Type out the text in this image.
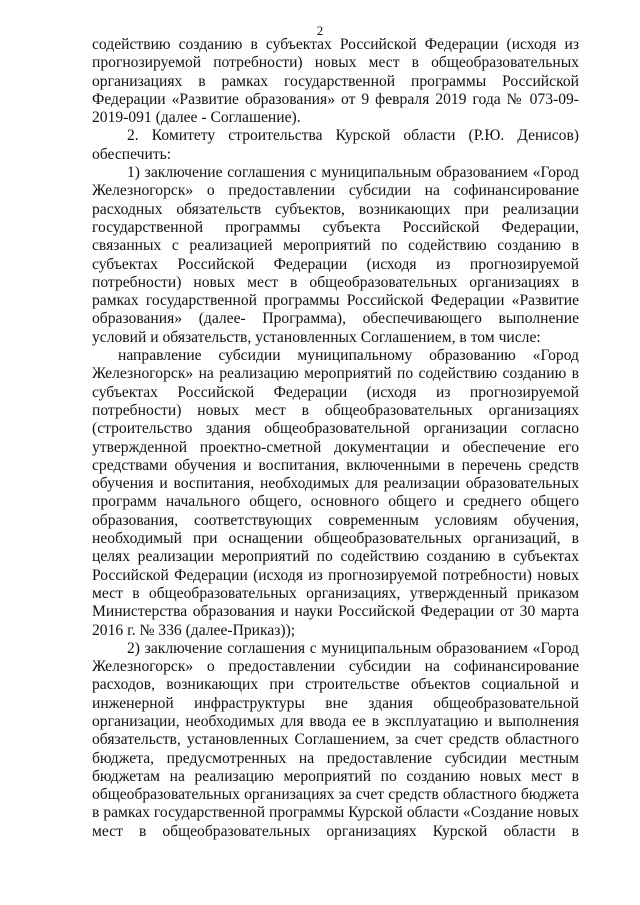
2

содействию созданию в субъектах Российской Федерации (исходя из прогнозируемой потребности) новых мест в общеобразовательных организациях в рамках государственной программы Российской Федерации «Развитие образования» от 9 февраля 2019 года № 073-09-2019-091 (далее - Соглашение).

2. Комитету строительства Курской области (Р.Ю. Денисов) обеспечить:

1) заключение соглашения с муниципальным образованием «Город Железногорск» о предоставлении субсидии на софинансирование расходных обязательств субъектов, возникающих при реализации государственной программы субъекта Российской Федерации, связанных с реализацией мероприятий по содействию созданию в субъектах Российской Федерации (исходя из прогнозируемой потребности) новых мест в общеобразовательных организациях в рамках государственной программы Российской Федерации «Развитие образования» (далее- Программа), обеспечивающего выполнение условий и обязательств, установленных Соглашением, в том числе:

направление субсидии муниципальному образованию «Город Железногорск» на реализацию мероприятий по содействию созданию в субъектах Российской Федерации (исходя из прогнозируемой потребности) новых мест в общеобразовательных организациях (строительство здания общеобразовательной организации согласно утвержденной проектно-сметной документации и обеспечение его средствами обучения и воспитания, включенными в перечень средств обучения и воспитания, необходимых для реализации образовательных программ начального общего, основного общего и среднего общего образования, соответствующих современным условиям обучения, необходимый при оснащении общеобразовательных организаций, в целях реализации мероприятий по содействию созданию в субъектах Российской Федерации (исходя из прогнозируемой потребности) новых мест в общеобразовательных организациях, утвержденный приказом Министерства образования и науки Российской Федерации от 30 марта 2016 г. № 336 (далее-Приказ));

2) заключение соглашения с муниципальным образованием «Город Железногорск» о предоставлении субсидии на софинансирование расходов, возникающих при строительстве объектов социальной и инженерной инфраструктуры вне здания общеобразовательной организации, необходимых для ввода ее в эксплуатацию и выполнения обязательств, установленных Соглашением, за счет средств областного бюджета, предусмотренных на предоставление субсидии местным бюджетам на реализацию мероприятий по созданию новых мест в общеобразовательных организациях за счет средств областного бюджета в рамках государственной программы Курской области «Создание новых мест в общеобразовательных организациях Курской области в
